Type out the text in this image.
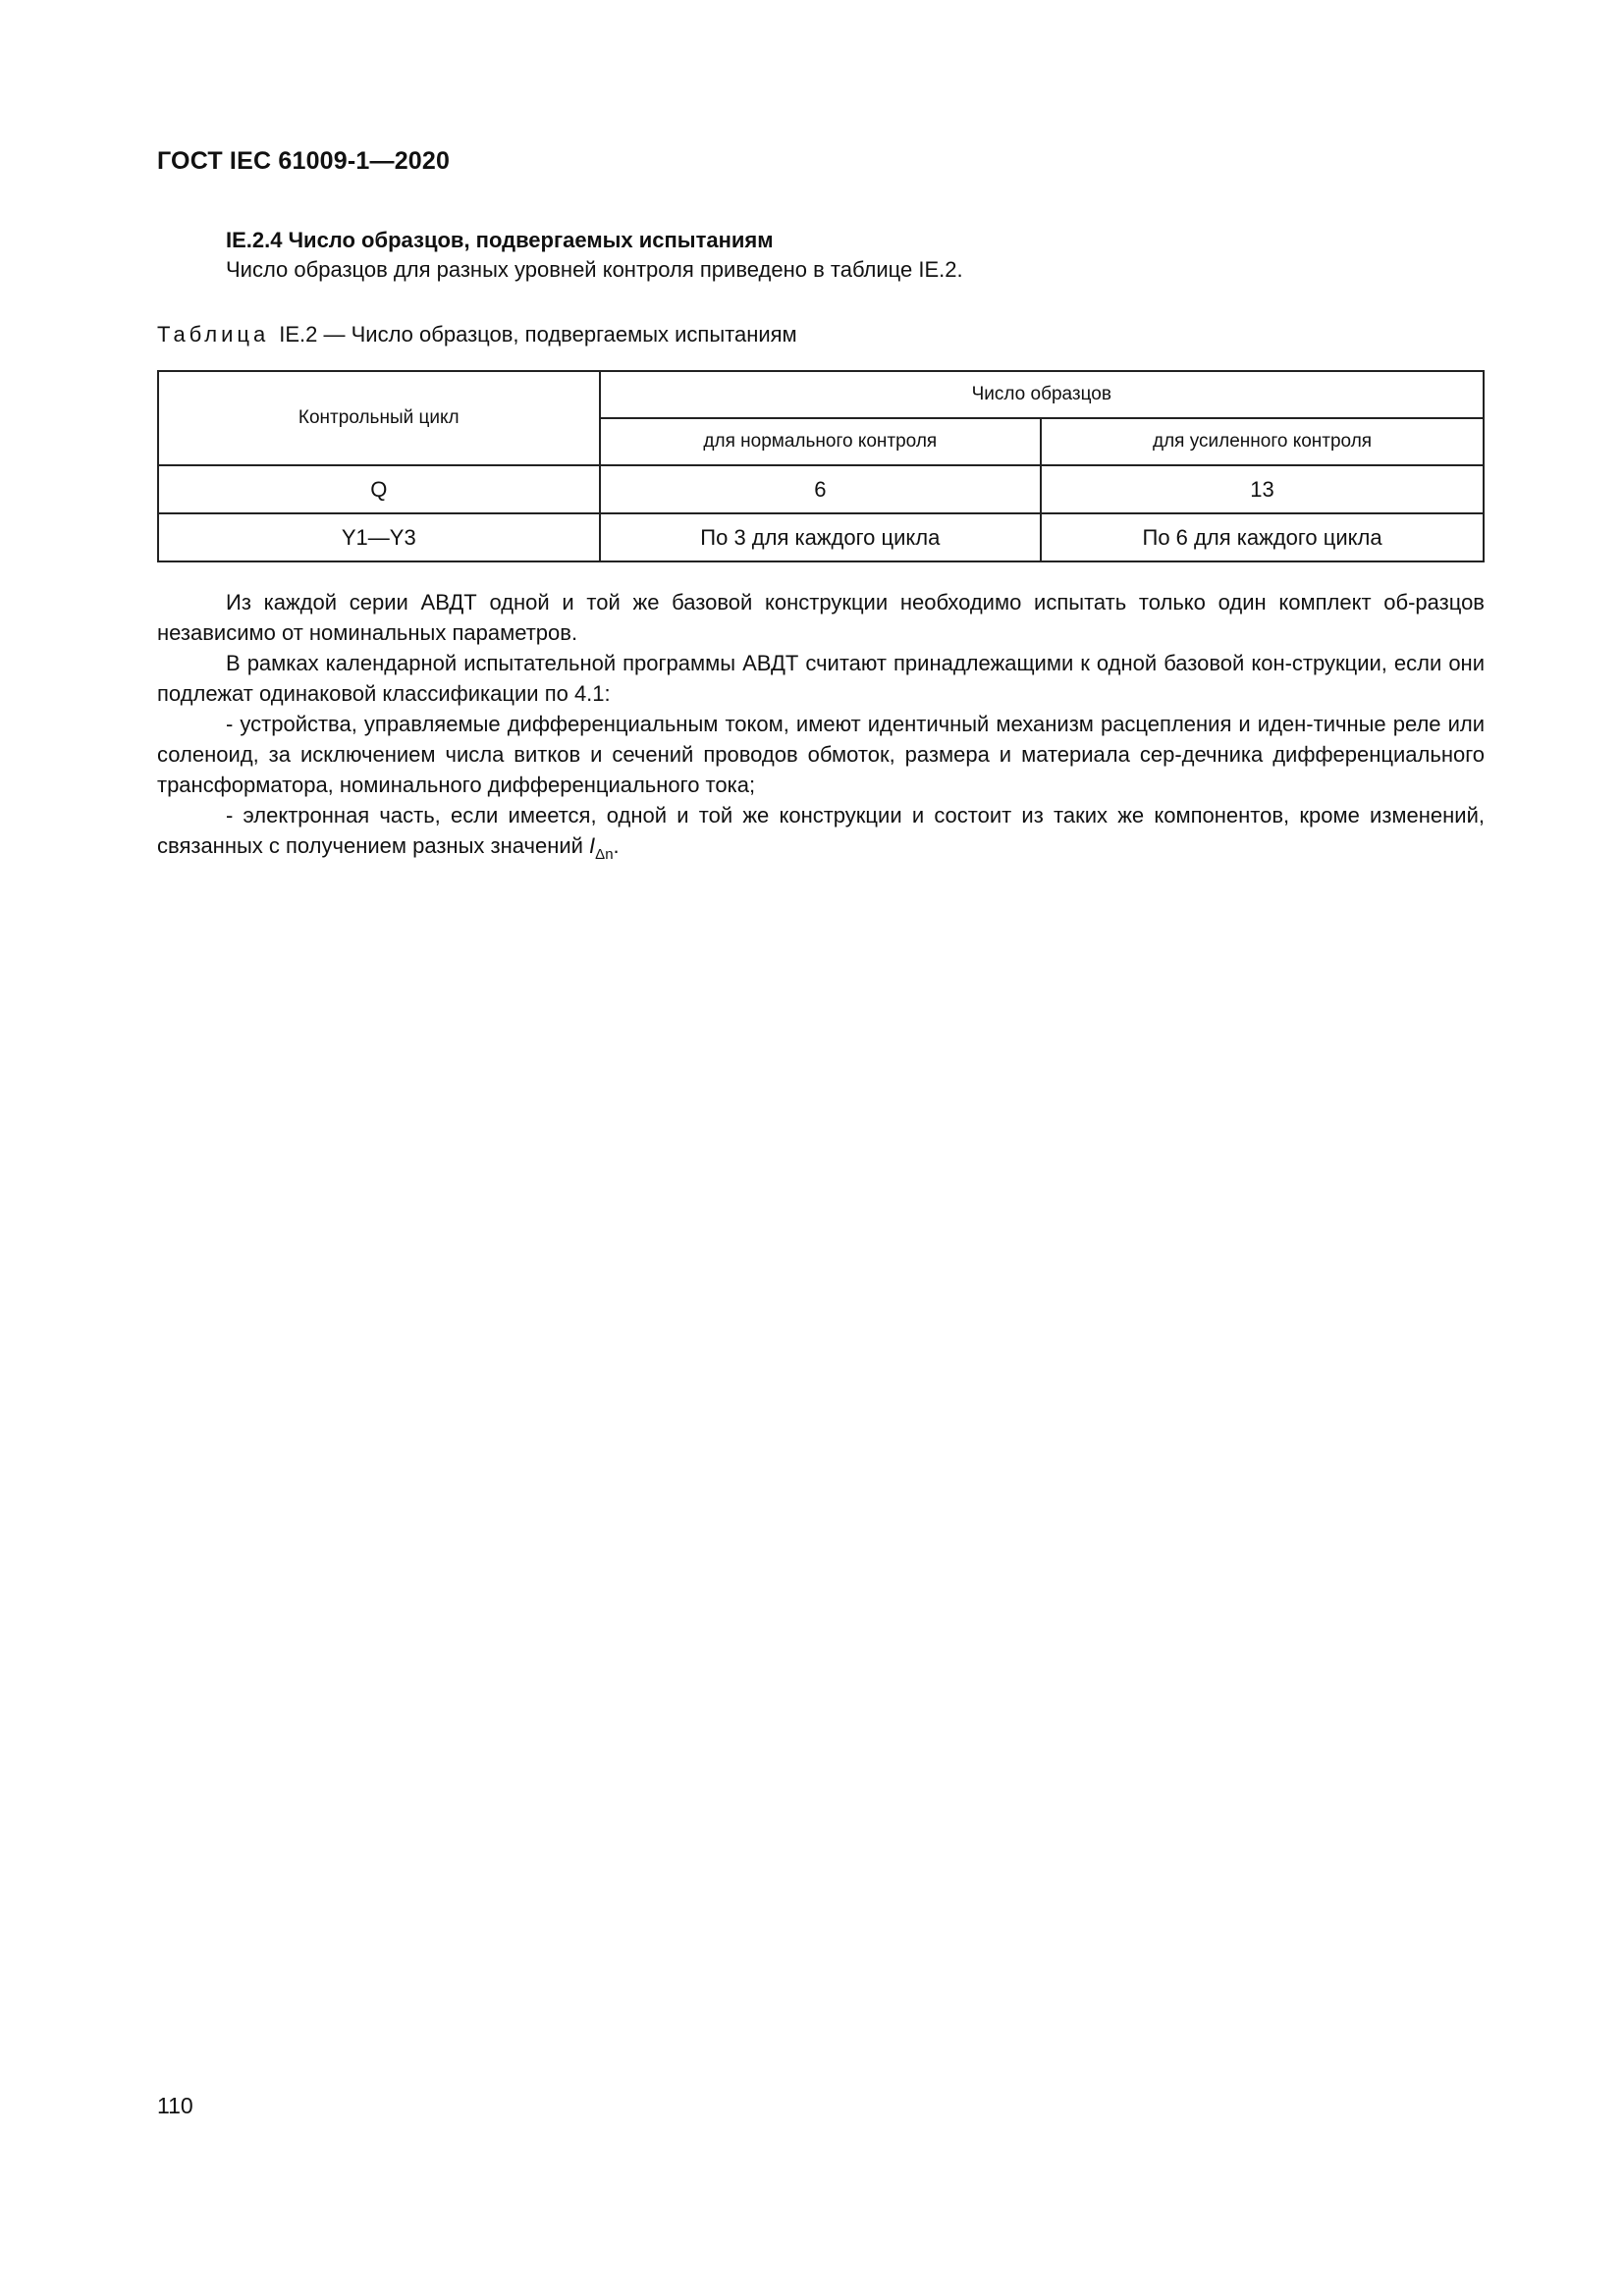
ГОСТ IEC 61009-1—2020
IE.2.4 Число образцов, подвергаемых испытаниям
Число образцов для разных уровней контроля приведено в таблице IE.2.
Таблица IE.2 — Число образцов, подвергаемых испытаниям
Контрольный цикл	Число образцов	
	для нормального контроля	для усиленного контроля
Q	6	13
Y1—Y3	По 3 для каждого цикла	По 6 для каждого цикла

Из каждой серии АВДТ одной и той же базовой конструкции необходимо испытать только один комплект об-разцов независимо от номинальных параметров.

В рамках календарной испытательной программы АВДТ считают принадлежащими к одной базовой кон-струкции, если они подлежат одинаковой классификации по 4.1:

- устройства, управляемые дифференциальным током, имеют идентичный механизм расцепления и иден-тичные реле или соленоид, за исключением числа витков и сечений проводов обмоток, размера и материала сер-дечника дифференциального трансформатора, номинального дифференциального тока;

- электронная часть, если имеется, одной и той же конструкции и состоит из таких же компонентов, кроме изменений, связанных с получением разных значений $I_{\Delta n}$.

110
